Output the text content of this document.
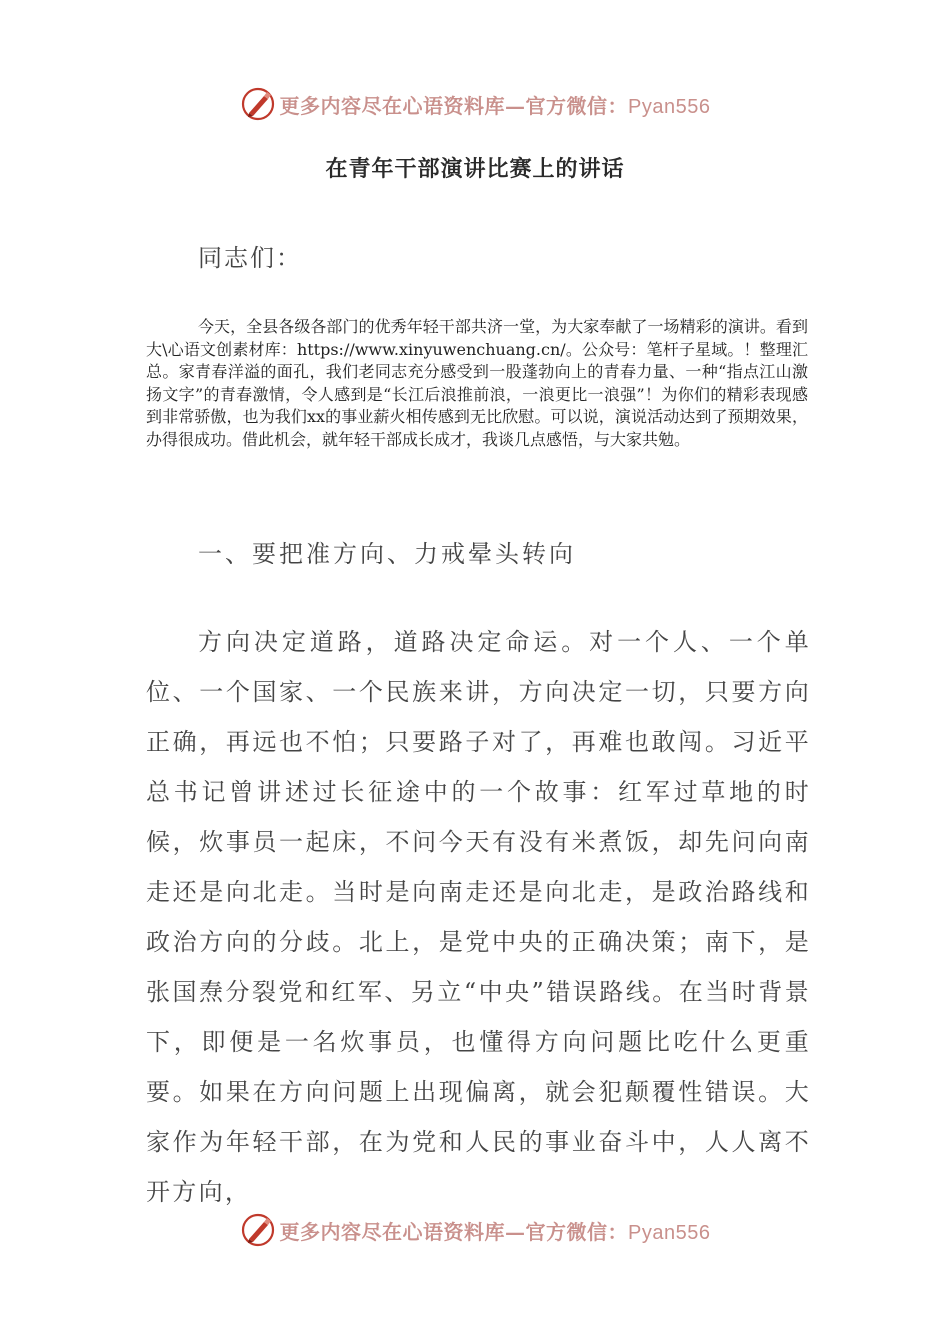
更多内容尽在心语资料库—官方微信：Pyan556
在青年干部演讲比赛上的讲话
同志们：

今天，全县各级各部门的优秀年轻干部共济一堂，为大家奉献了一场精彩的演讲。看到大\心语文创素材库：https://www.xinyuwenchuang.cn/。公众号：笔杆子星域。！整理汇总。家青春洋溢的面孔，我们老同志充分感受到一股蓬勃向上的青春力量、一种“指点江山激扬文字”的青春激情，令人感到是“长江后浪推前浪，一浪更比一浪强”！为你们的精彩表现感到非常骄傲，也为我们xx的事业薪火相传感到无比欣慰。可以说，演说活动达到了预期效果，办得很成功。借此机会，就年轻干部成长成才，我谈几点感悟，与大家共勉。

一、要把准方向、力戒晕头转向

方向决定道路，道路决定命运。对一个人、一个单位、一个国家、一个民族来讲，方向决定一切，只要方向正确，再远也不怕；只要路子对了，再难也敢闯。习近平总书记曾讲述过长征途中的一个故事：红军过草地的时候，炊事员一起床，不问今天有没有米煮饭，却先问向南走还是向北走。当时是向南走还是向北走，是政治路线和政治方向的分歧。北上，是党中央的正确决策；南下，是张国焘分裂党和红军、另立“中央”错误路线。在当时背景下，即便是一名炊事员，也懂得方向问题比吃什么更重要。如果在方向问题上出现偏离，就会犯颠覆性错误。大家作为年轻干部，在为党和人民的事业奋斗中，人人离不开方向，

更多内容尽在心语资料库—官方微信：Pyan556
